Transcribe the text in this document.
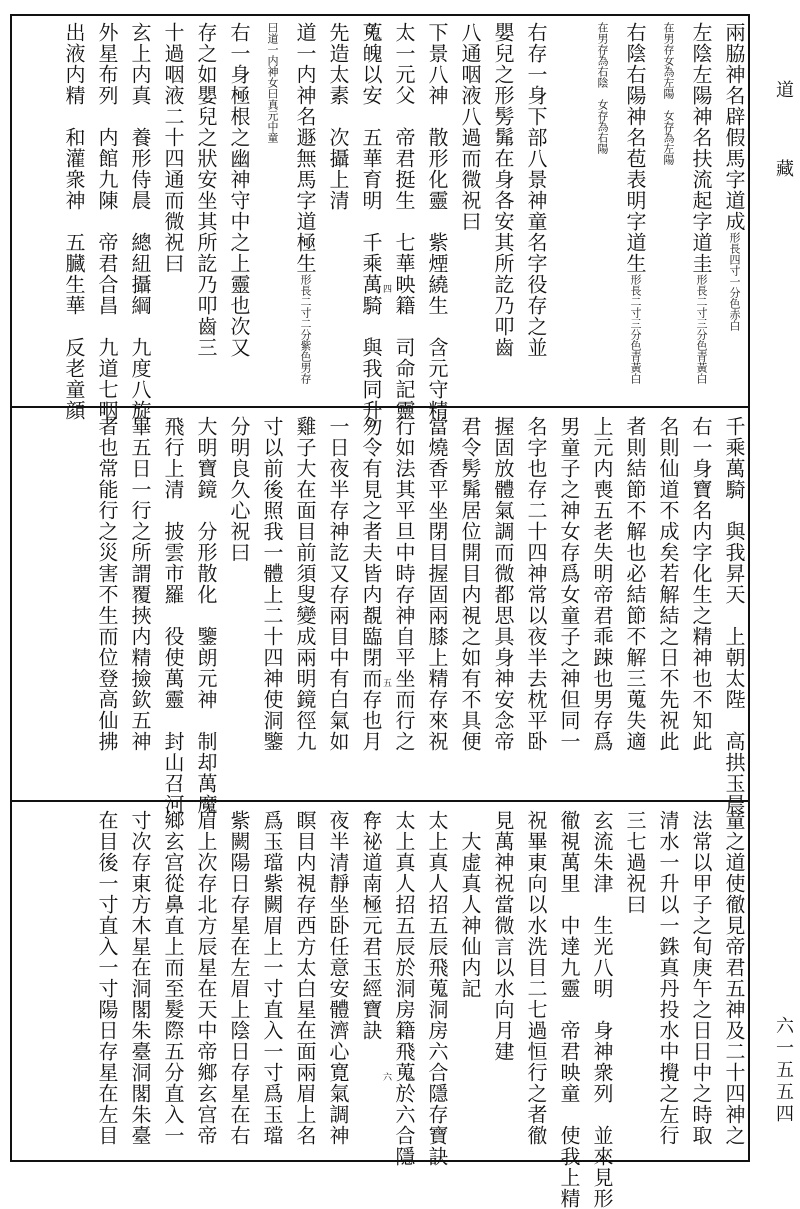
道 藏
六一五五四
兩脇神名辟假馬字道成形長四寸一分色赤白
左陰左陽神名扶流起字道圭形長二寸三分色青黃白
在男存女為左陽　女存為左陽
右陰右陽神名苞表明字道生形長二寸三分色青黃白
在男存為右陰　女存為右陽
右存一身下部八景神童名字役存之並
嬰兒之形髣髴在身各安其所訖乃叩齒
八通咽液八過而微祝曰
下景八神　散形化靈　紫煙繞生　含元守精
太一元父　帝君挺生　七華映籍　司命記靈
蒐魄以安　五華育明　千乘萬騎　與我同升
先造太素　次攝上清
道一内神名遯無馬字道極生形長二寸二分紫色男存
曰道一内神女曰真元中童
右一身極根之幽神守中之上靈也次又
存之如嬰兒之狀安坐其所訖乃叩齒三
十過咽液二十四通而微祝曰
玄上内真　養形侍晨　總紐攝綱　九度八旋
外星布列　内館九陳　帝君合昌　九道七咽
出液内精　和灌衆神　五臓生華　反老童顔	四
千乘萬騎　與我昇天　上朝太陛　高拱玉晨
右一身寶名内字化生之精神也不知此
名則仙道不成矣若解結之日不先祝此
者則結節不解也必結節不解三蒐失適
上元内喪五老失明帝君乖踈也男存爲
男童子之神女存爲女童子之神但同一
名字也存二十四神常以夜半去枕平卧
握固放體氣調而微都思具身神安念帝
君令髣髴居位開目内視之如有不具便
當燒香平坐閉目握固兩膝上精存來祝
行如法其平旦中時存神自平坐而行之
勿令有見之者夫皆内覩臨閉而存也月
一日夜半存神訖又存兩目中有白氣如
雞子大在面目前須叟變成兩明鏡徑九
寸以前後照我一體上二十四神使洞鑒
分明良久心祝曰
大明寶鏡　分形散化　鑒朗元神　制却萬魔
飛行上清　披雲市羅　役使萬靈　封山召河
畢五日一行之所謂覆挾内精撿欽五神
者也常能行之災害不生而位登高仙拂	五
童之道使徹見帝君五神及二十四神之
法常以甲子之旬庚午之日日中之時取
清水一升以一銖真丹投水中攪之左行
三七過祝曰
玄流朱津　生光八明　身神衆列　並來見形
徹視萬里　中達九靈　帝君映童　使我上精
祝畢東向以水洗目二七過恒行之者徹
見萬神祝當微言以水向月建
　大虚真人神仙内記
太上真人招五辰飛蒐洞房六合隱存寶訣
太上真人招五辰於洞房籍飛蒐於六合隱
存祕道南極元君玉經寶訣
夜半清靜坐卧任意安體濟心寛氣調神
瞑目内視存西方太白星在面兩眉上名
爲玉璫紫闕眉上一寸直入一寸爲玉璫
紫闕陽日存星在左眉上陰日存星在右
眉上次存北方辰星在天中帝鄉玄宫帝
鄉玄宫從鼻直上而至髮際五分直入一
寸次存東方木星在洞閣朱臺洞閣朱臺
在目後一寸直入一寸陽日存星在左目	六
